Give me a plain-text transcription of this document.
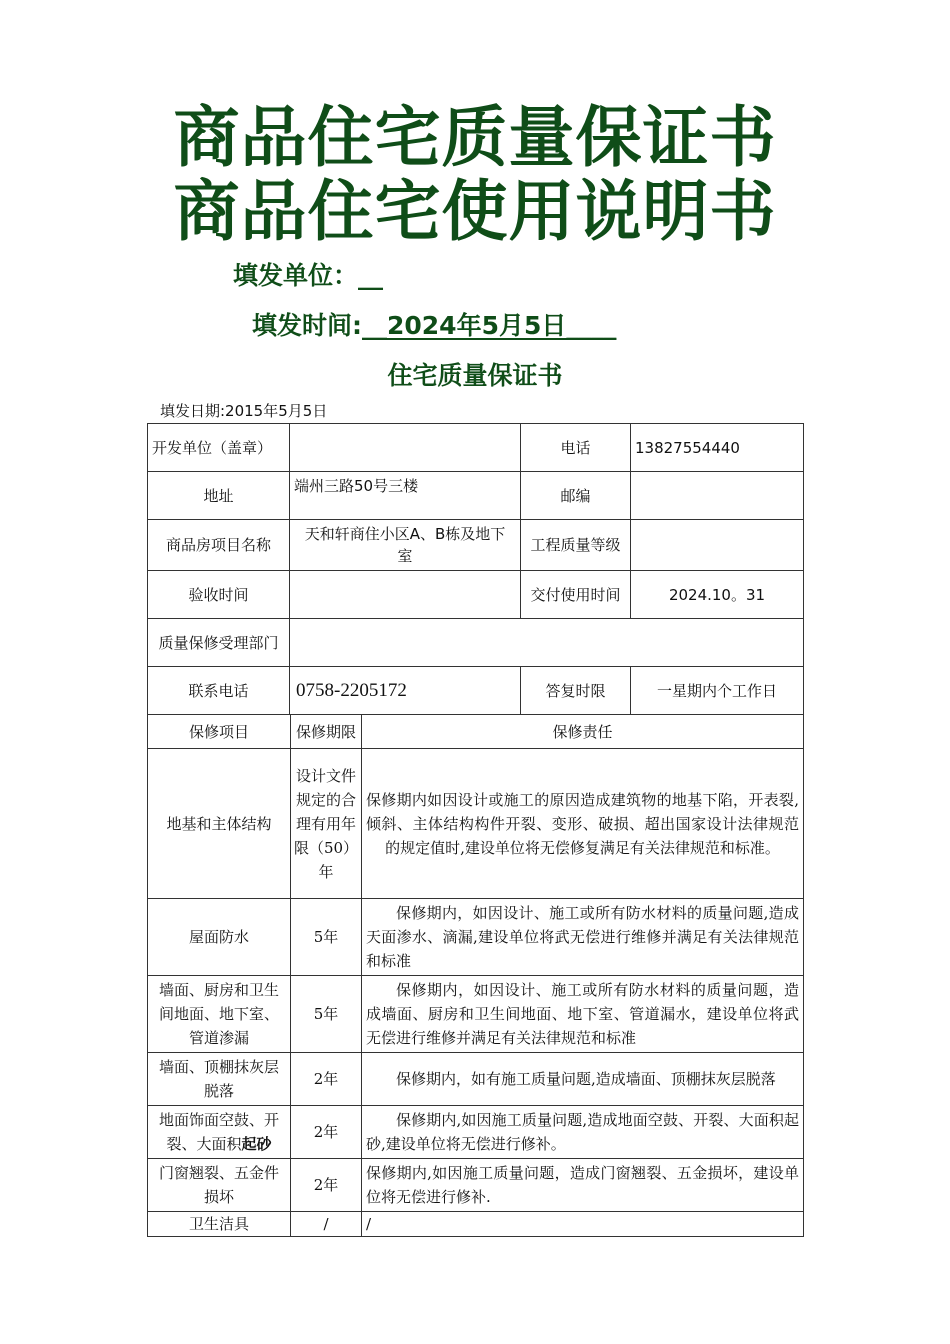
商品住宅质量保证书
商品住宅使用说明书
填发单位：__
填发时间:__2024年5月5日____
住宅质量保证书
填发日期:2015年5月5日
开发单位（盖章）		电话	13827554440
地址	端州三路50号三楼	邮编	
商品房项目名称	天和轩商住小区A、B栋及地下室	工程质量等级	
验收时间		交付使用时间	2024.10。31
质量保修受理部门			
联系电话	0758-2205172	答复时限	一星期内个工作日
保修项目	保修期限	保修责任
地基和主体结构	设计文件规定的合理有用年限（50）年	保修期内如因设计或施工的原因造成建筑物的地基下陷，开表裂,倾斜、主体结构构件开裂、变形、破损、超出国家设计法律规范的规定值时,建设单位将无偿修复满足有关法律规范和标准。
屋面防水	5年	保修期内，如因设计、施工或所有防水材料的质量问题,造成天面渗水、滴漏,建设单位将武无偿进行维修并满足有关法律规范和标准
墙面、厨房和卫生间地面、地下室、管道渗漏	5年	保修期内，如因设计、施工或所有防水材料的质量问题，造成墙面、厨房和卫生间地面、地下室、管道漏水，建设单位将武无偿进行维修并满足有关法律规范和标准
墙面、顶棚抹灰层脱落	2年	保修期内，如有施工质量问题,造成墙面、顶棚抹灰层脱落
地面饰面空鼓、开裂、大面积起砂	2年	保修期内,如因施工质量问题,造成地面空鼓、开裂、大面积起砂,建设单位将无偿进行修补。
门窗翘裂、五金件损坏	2年	保修期内,如因施工质量问题，造成门窗翘裂、五金损坏，建设单位将无偿进行修补.
卫生洁具	/	/
